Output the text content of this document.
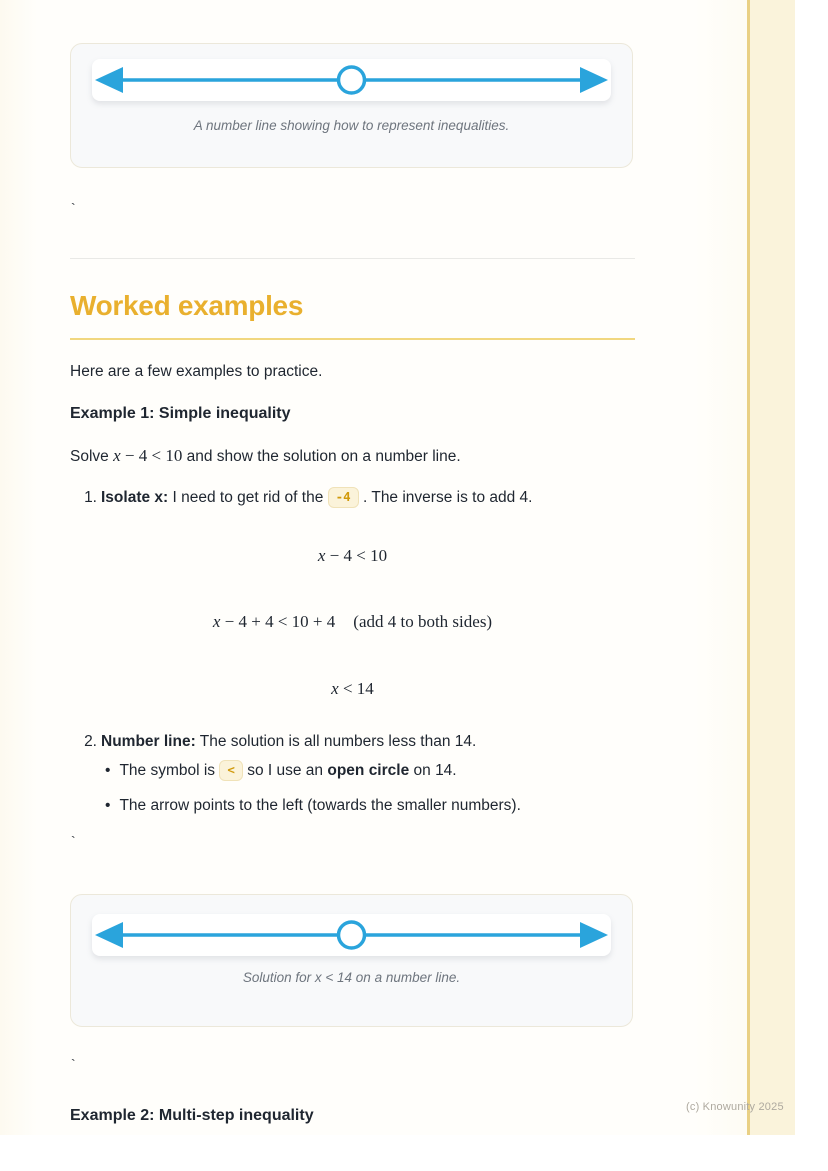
A number line showing how to represent inequalities.
`
Worked examples
Here are a few examples to practice.
Example 1: Simple inequality
Solve x − 4 < 10 and show the solution on a number line.
1. Isolate x: I need to get rid of the -4 . The inverse is to add 4.
x − 4 < 10
x − 4 + 4 < 10 + 4 (add 4 to both sides)
x < 14
2. Number line: The solution is all numbers less than 14.
• The symbol is < so I use an open circle on 14.
• The arrow points to the left (towards the smaller numbers).
`
Solution for x < 14 on a number line.
`
(c) Knowunity 2025
Example 2: Multi-step inequality
